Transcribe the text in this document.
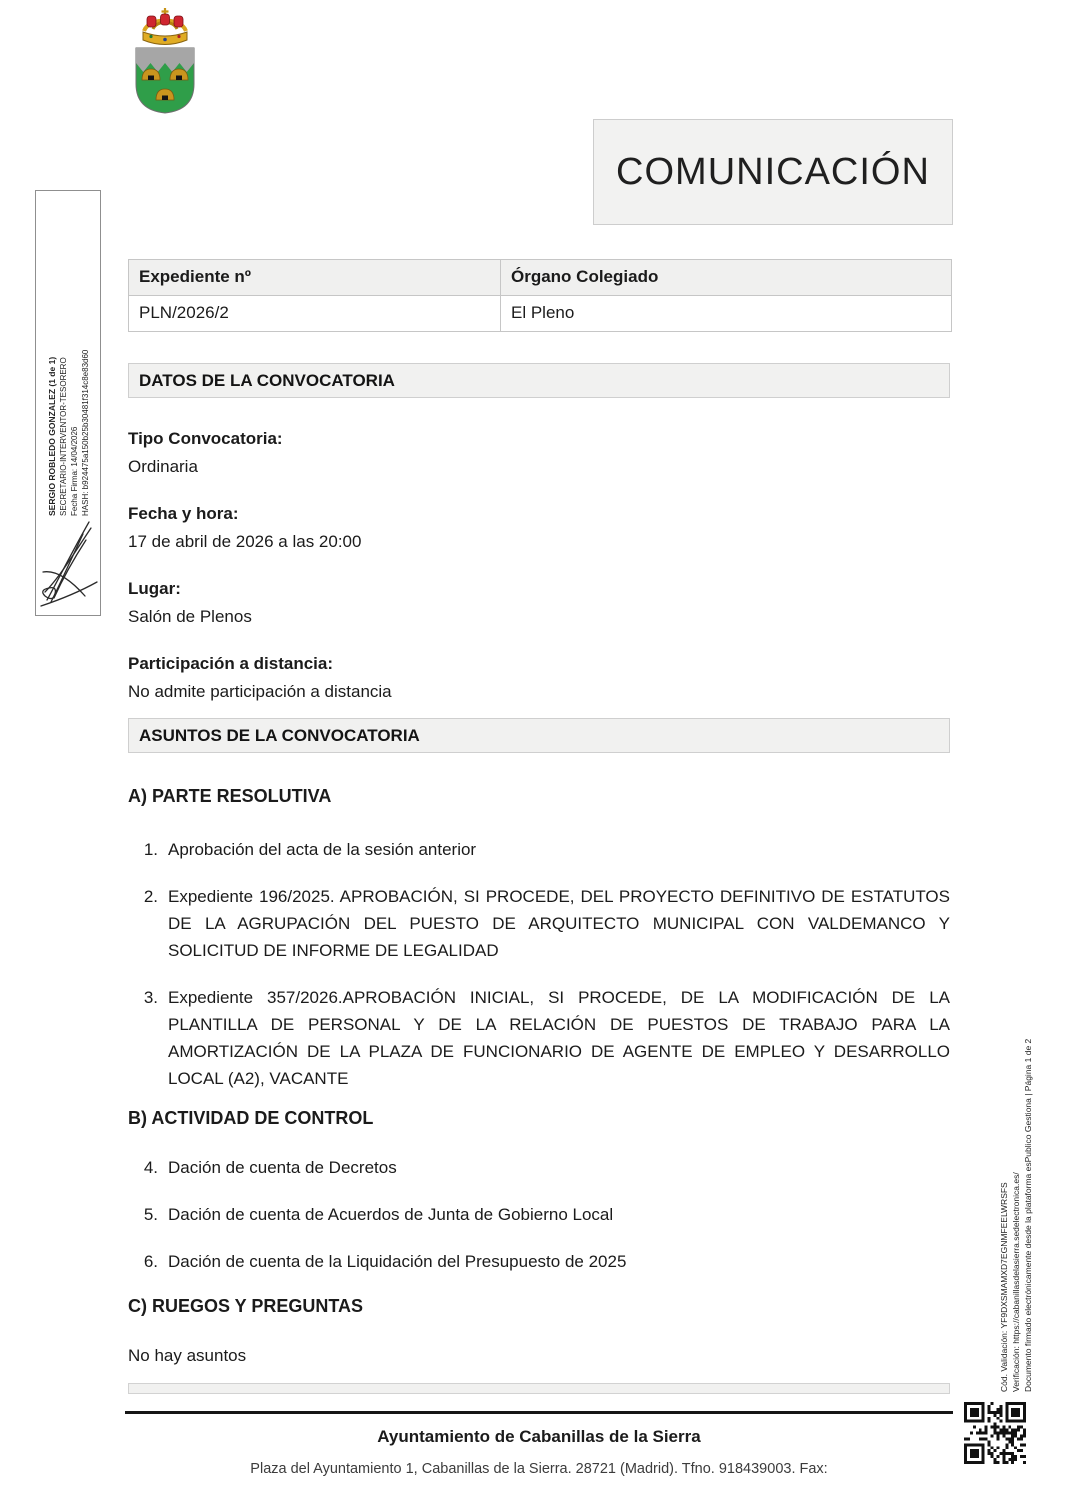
COMUNICACIÓN
SERGIO ROBLEDO GONZALEZ (1 de 1) SECRETARIO-INTERVENTOR-TESORERO Fecha Firma: 14/04/2026 HASH: b924475a150b25b30481f314c8e83d60
Expediente nº	Órgano Colegiado
PLN/2026/2	El Pleno
DATOS DE LA CONVOCATORIA
Tipo Convocatoria:
Ordinaria
Fecha y hora:
17 de abril de 2026 a las 20:00
Lugar:
Salón de Plenos
Participación a distancia:
No admite participación a distancia
ASUNTOS DE LA CONVOCATORIA
A) PARTE RESOLUTIVA
1. Aprobación del acta de la sesión anterior
2. Expediente 196/2025. APROBACIÓN, SI PROCEDE, DEL PROYECTO DEFINITIVO DE ESTATUTOS DE LA AGRUPACIÓN DEL PUESTO DE ARQUITECTO MUNICIPAL CON VALDEMANCO Y SOLICITUD DE INFORME DE LEGALIDAD
3. Expediente 357/2026.APROBACIÓN INICIAL, SI PROCEDE, DE LA MODIFICACIÓN DE LA PLANTILLA DE PERSONAL Y DE LA RELACIÓN DE PUESTOS DE TRABAJO PARA LA AMORTIZACIÓN DE LA PLAZA DE FUNCIONARIO DE AGENTE DE EMPLEO Y DESARROLLO LOCAL (A2), VACANTE
B) ACTIVIDAD DE CONTROL
4. Dación de cuenta de Decretos
5. Dación de cuenta de Acuerdos de Junta de Gobierno Local
6. Dación de cuenta de la Liquidación del Presupuesto de 2025
C) RUEGOS Y PREGUNTAS
No hay asuntos
Ayuntamiento de Cabanillas de la Sierra
Plaza del Ayuntamiento 1, Cabanillas de la Sierra. 28721 (Madrid). Tfno. 918439003. Fax:
Cód. Validación: YF9DXSMAMXD7EGNMFEELWRSFS Verificación: https://cabanillasdelasierra.sedelectronica.es/ Documento firmado electrónicamente desde la plataforma esPublico Gestiona | Página 1 de 2
